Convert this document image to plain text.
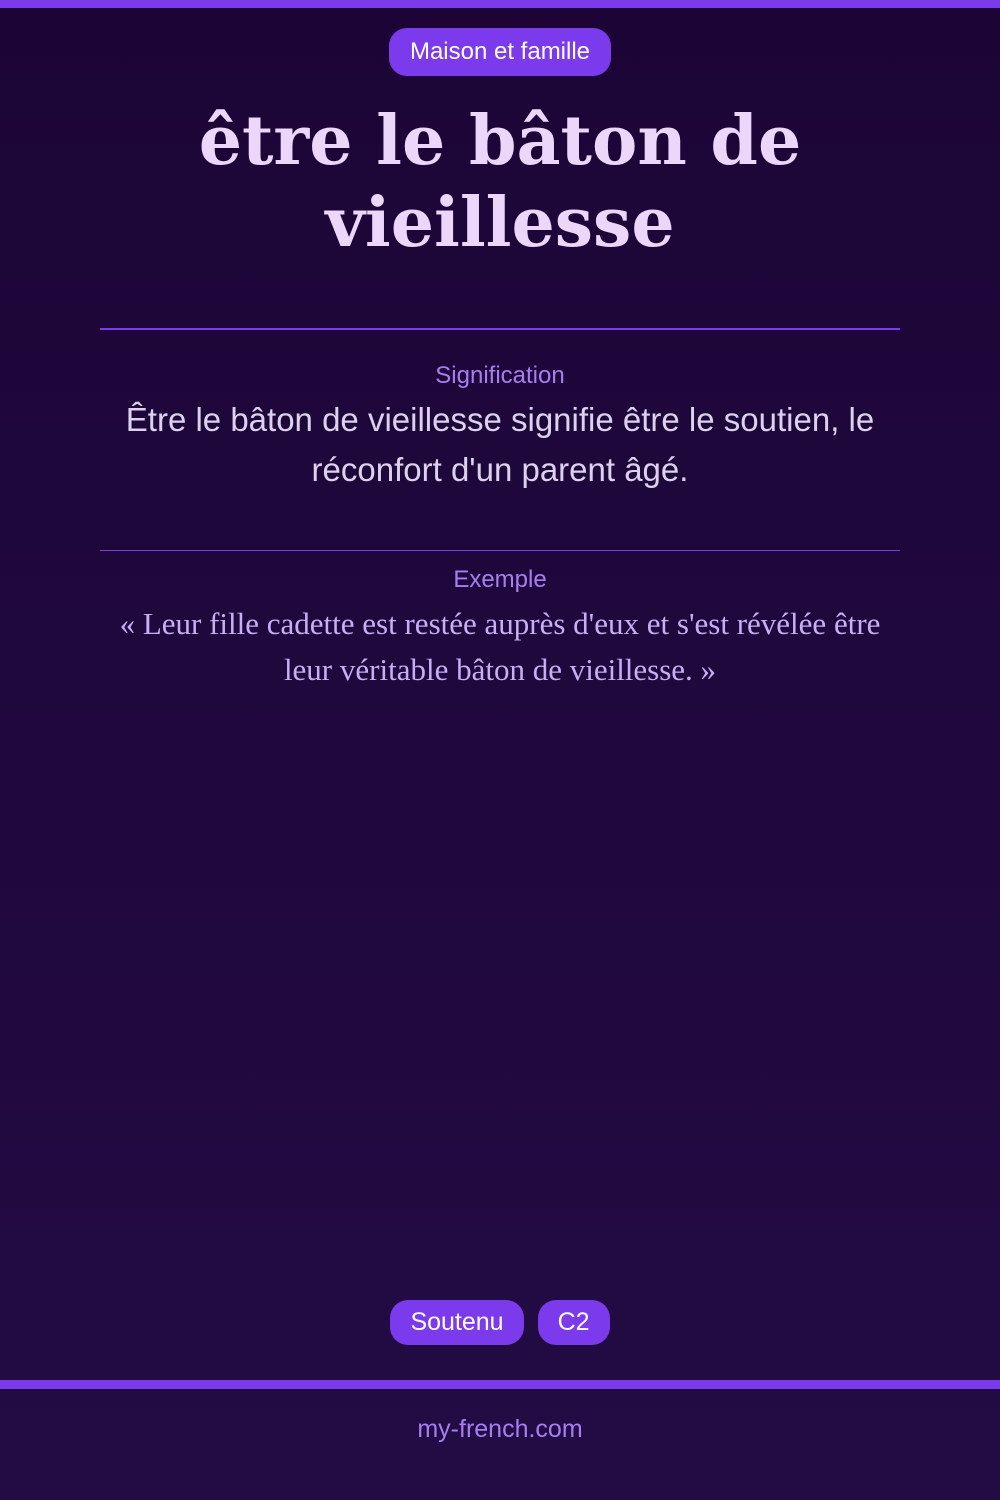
Maison et famille
être le bâton de vieillesse
Signification

Être le bâton de vieillesse signifie être le soutien, le réconfort d'un parent âgé.

Exemple

« Leur fille cadette est restée auprès d'eux et s'est révélée être leur véritable bâton de vieillesse. »

Soutenu C2
my-french.com
